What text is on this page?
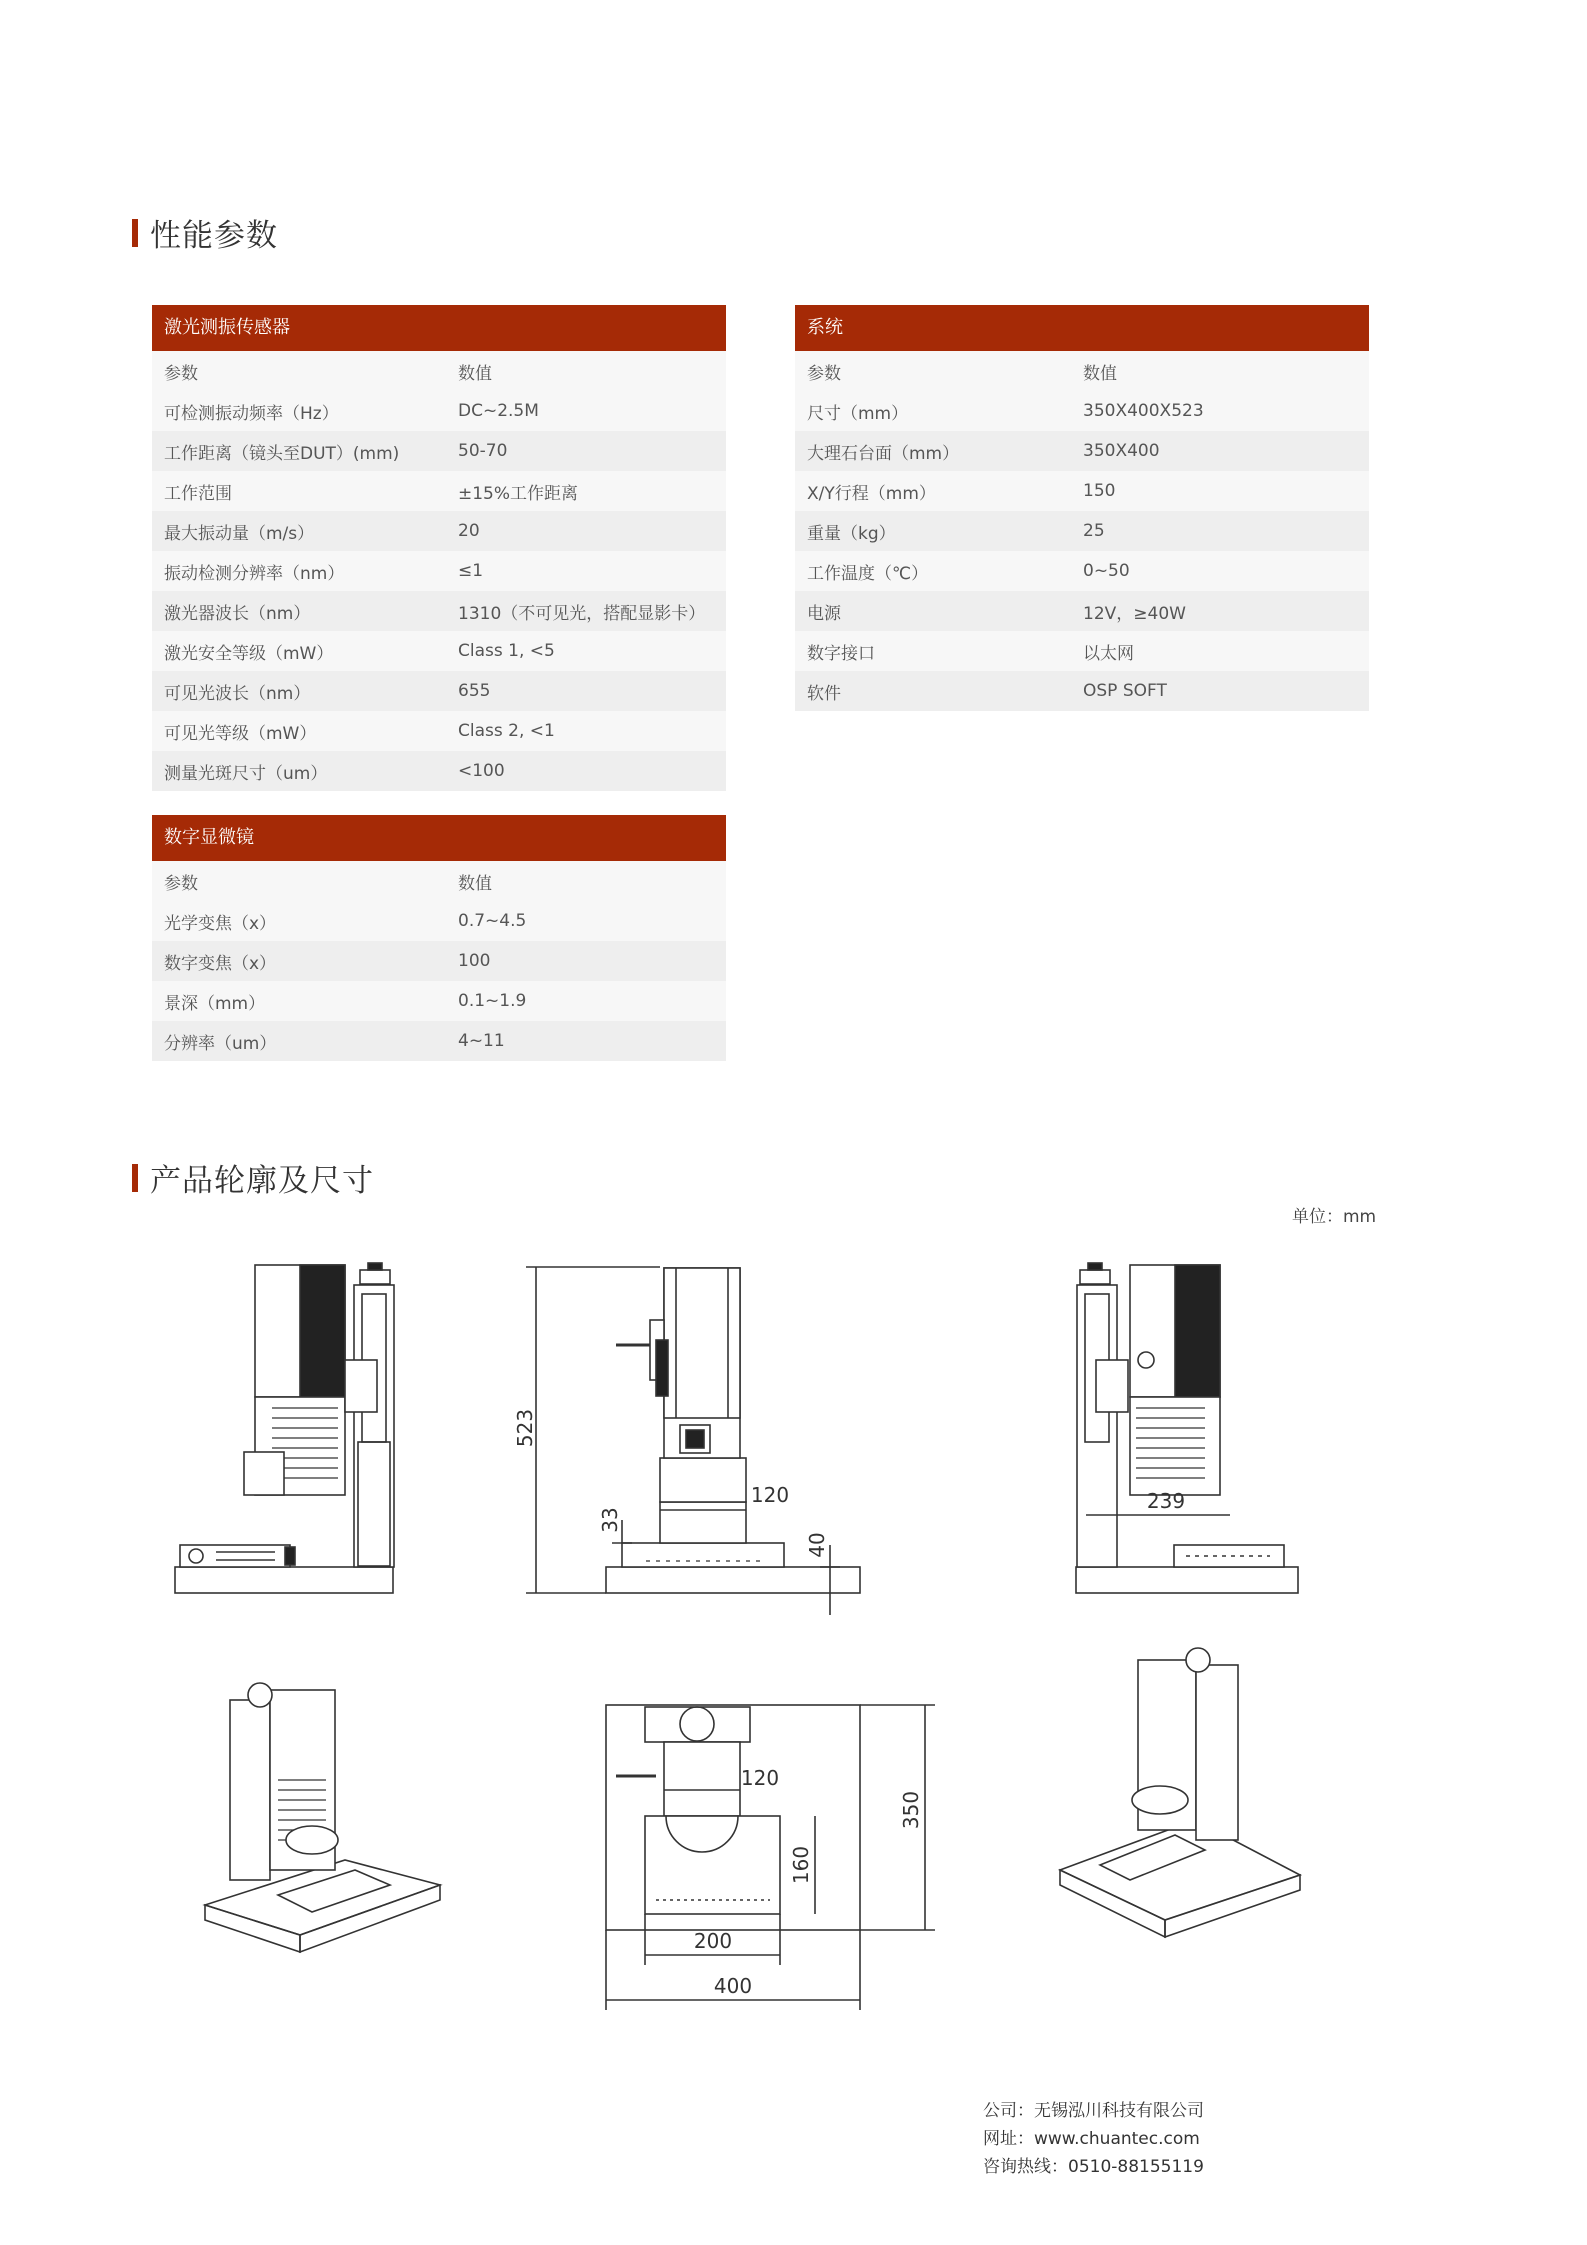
性能参数
激光测振传感器
参数	数值
可检测振动频率（Hz）	DC~2.5M
工作距离（镜头至DUT）(mm)	50-70
工作范围	±15%工作距离
最大振动量（m/s）	20
振动检测分辨率（nm）	≤1
激光器波长（nm）	1310（不可见光，搭配显影卡）
激光安全等级（mW）	Class 1, <5
可见光波长（nm）	655
可见光等级（mW）	Class 2, <1
测量光斑尺寸（um）	<100
数字显微镜
参数	数值
光学变焦（x）	0.7~4.5
数字变焦（x）	100
景深（mm）	0.1~1.9
分辨率（um）	4~11
系统
参数	数值
尺寸（mm）	350X400X523
大理石台面（mm）	350X400
X/Y行程（mm）	150
重量（kg）	25
工作温度（℃）	0~50
电源	12V，≥40W
数字接口	以太网
软件	OSP SOFT
产品轮廓及尺寸
单位：mm
523
120
33
40
239
120
160
350
200
400
公司：无锡泓川科技有限公司
网址：www.chuantec.com
咨询热线：0510-88155119
